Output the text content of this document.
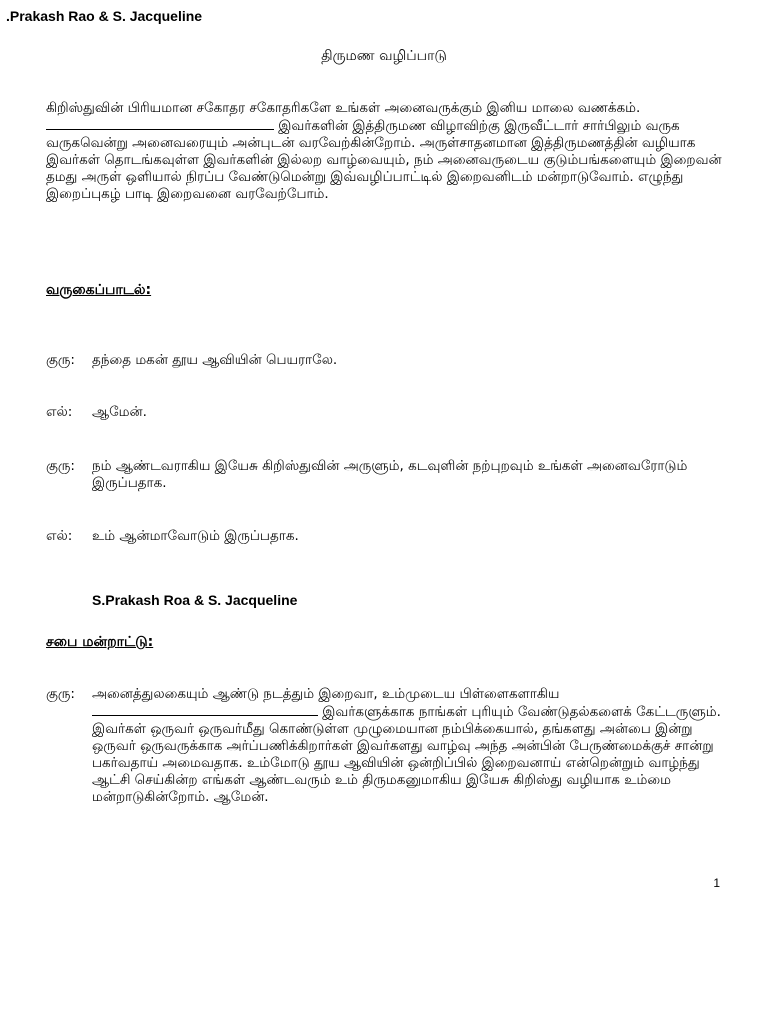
.Prakash Rao & S. Jacqueline
திருமண வழிப்பாடு
கிறிஸ்துவின் பிரியமான சகோதர சகோதரிகளே உங்கள் அனைவருக்கும் இனிய மாலை வணக்கம்.  இவர்களின் இத்திருமண விழாவிற்கு இருவீட்டார் சார்பிலும் வருக வருகவென்று அனைவரையும் அன்புடன் வரவேற்கின்றோம். அருள்சாதனமான இத்திருமணத்தின் வழியாக இவர்கள் தொடங்கவுள்ள இவர்களின் இல்லற வாழ்வையும், நம் அனைவருடைய குடும்பங்களையும் இறைவன் தமது அருள் ஒளியால் நிரப்ப வேண்டுமென்று இவ்வழிப்பாட்டில் இறைவனிடம் மன்றாடுவோம். எழுந்து இறைப்புகழ் பாடி இறைவனை வரவேற்போம்.
வருகைப்பாடல்:
குரு:	தந்தை மகன் தூய ஆவியின் பெயராலே.
எல்:	ஆமேன்.
குரு:	நம் ஆண்டவராகிய இயேசு கிறிஸ்துவின் அருளும், கடவுளின் நற்புறவும் உங்கள் அனைவரோடும் இருப்பதாக.
எல்:	உம் ஆன்மாவோடும் இருப்பதாக.
S.Prakash Roa & S. Jacqueline
சபை மன்றாட்டு:
குரு:	அனைத்துலகையும் ஆண்டு நடத்தும் இறைவா, உம்முடைய பிள்ளைகளாகிய
இவர்களுக்காக நாங்கள் புரியும் வேண்டுதல்களைக் கேட்டருளும். இவர்கள் ஒருவர் ஒருவர்மீது கொண்டுள்ள முழுமையான நம்பிக்கையால், தங்களது அன்பை இன்று ஒருவர் ஒருவருக்காக அர்ப்பணிக்கிறார்கள் இவர்களது வாழ்வு அந்த அன்பின் பேருண்மைக்குச் சான்று பகர்வதாய் அமைவதாக. உம்மோடு தூய ஆவியின் ஒன்றிப்பில் இறைவனாய் என்றென்றும் வாழ்ந்து ஆட்சி செய்கின்ற எங்கள் ஆண்டவரும் உம் திருமகனுமாகிய இயேசு கிறிஸ்து வழியாக உம்மை மன்றாடுகின்றோம். ஆமேன்.
1
